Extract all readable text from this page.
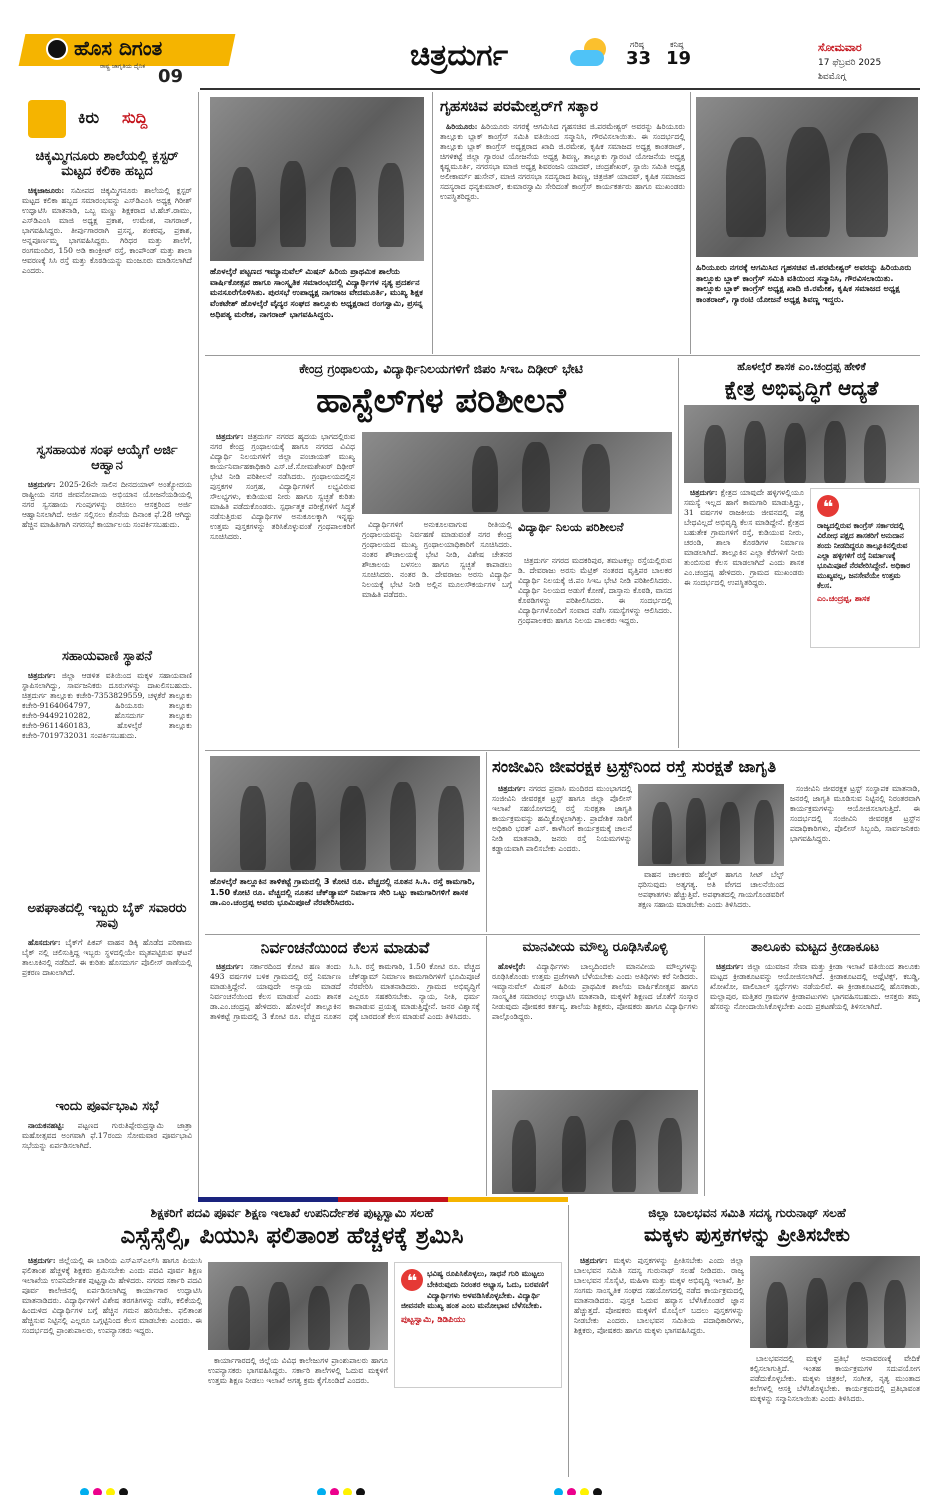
ಹೊಸ ದಿಗಂತ
ರಾಷ್ಟ್ರ ಜಾಗೃತಿಯ ದೈನಿಕ 09
ಚಿತ್ರದುರ್ಗ	ಗರಿಷ್ಠ
33
ಕನಿಷ್ಠ
19
ಸೋಮವಾರ
17 ಫೆಬ್ರವರಿ 2025
ಶಿವಮೊಗ್ಗ
ಕಿರು ಸುದ್ದಿ
ಚಿಕ್ಕಮ್ಮಿಗನೂರು ಶಾಲೆಯಲ್ಲಿ ಕ್ಲಸ್ಟರ್ ಮಟ್ಟದ ಕಲಿಕಾ ಹಬ್ಬದ

ಚಿಕ್ಕಜಾಜೂರು: ಸಮೀಪದ ಚಿಕ್ಕಮ್ಮಿಗನೂರು ಶಾಲೆಯಲ್ಲಿ ಕ್ಲಸ್ಟರ್ ಮಟ್ಟದ ಕಲಿಕಾ ಹಬ್ಬದ ಸಮಾರಂಭವನ್ನು ಎಸ್‌ಡಿಎಂಸಿ ಅಧ್ಯಕ್ಷ ಗಿರೀಶ್ ಉದ್ಘಾಟಿಸಿ ಮಾತನಾಡಿ, ಒಬ್ಬ ಮಣ್ಣು ಶಿಕ್ಷಕರಾದ ಟಿ.ಹೆಚ್.ರಾಮು, ಎಸ್‌ಡಿಎಂಸಿ ಮಾಜಿ ಅಧ್ಯಕ್ಷ ಪ್ರಕಾಶ, ಉಮೇಶ, ನಾಗರಾಜ್, ಭಾಗವಹಿಸಿದ್ದರು. ತೀರ್ಪುಗಾರರಾಗಿ ಪ್ರಸನ್ನ, ಶಂಕರಪ್ಪ, ಪ್ರಕಾಶ, ಅನ್ನಪೂರ್ಣಮ್ಮ ಭಾಗವಹಿಸಿದ್ದರು. ಗಿರಿಧರ ಮತ್ತು ಶಾಲೆಗೆ, ರಂಗಮಂದಿರ, 150 ಅಡಿ ಕಾಂಕ್ರೀಟ್ ರಸ್ತೆ, ಕಾಂಪೌಂಡ್ ಮತ್ತು ಶಾಲಾ ಆವರಣಕ್ಕೆ ಸಿಸಿ ರಸ್ತೆ ಮತ್ತು ಕೊಠಡಿಯನ್ನು ಮಂಜೂರು ಮಾಡಿಸಲಾಗಿದೆ ಎಂದರು.

ಸ್ವಸಹಾಯಕ ಸಂಘ ಆಯ್ಕೆಗೆ ಅರ್ಜಿ ಆಹ್ವಾನ

ಚಿತ್ರದುರ್ಗ: 2025-26ನೇ ಸಾಲಿನ ದೀನದಯಾಳ್ ಅಂತ್ಯೋದಯ ರಾಷ್ಟ್ರೀಯ ನಗರ ಜೀವನೋಪಾಯ ಅಭಿಯಾನ ಯೋಜನೆಯಡಿಯಲ್ಲಿ ನಗರ ಸ್ವಸಹಾಯ ಗುಂಪುಗಳನ್ನು ರಚಿಸಲು ಆಸಕ್ತರಿಂದ ಅರ್ಜಿ ಆಹ್ವಾನಿಸಲಾಗಿದೆ. ಅರ್ಜಿ ಸಲ್ಲಿಸಲು ಕೊನೆಯ ದಿನಾಂಕ ಫೆ.28 ಆಗಿದ್ದು ಹೆಚ್ಚಿನ ಮಾಹಿತಿಗಾಗಿ ನಗರಸಭೆ ಕಾರ್ಯಾಲಯ ಸಂಪರ್ಕಿಸಬಹುದು.

ಸಹಾಯವಾಣಿ ಸ್ಥಾಪನೆ

ಚಿತ್ರದುರ್ಗ: ಜಿಲ್ಲಾ ಆಡಳಿತ ವತಿಯಿಂದ ಮಕ್ಕಳ ಸಹಾಯವಾಣಿ ಸ್ಥಾಪಿಸಲಾಗಿದ್ದು, ಸಾರ್ವಜನಿಕರು ದೂರುಗಳನ್ನು ದಾಖಲಿಸಬಹುದು. ಚಿತ್ರದುರ್ಗ ತಾಲ್ಲೂಕು ಕಚೇರಿ-7353829559, ಚಳ್ಳಕೆರೆ ತಾಲ್ಲೂಕು ಕಚೇರಿ-9164064797, ಹಿರಿಯೂರು ತಾಲ್ಲೂಕು ಕಚೇರಿ-9449210282, ಹೊಸದುರ್ಗ ತಾಲ್ಲೂಕು ಕಚೇರಿ-9611460183, ಹೊಳಲ್ಕೆರೆ ತಾಲ್ಲೂಕು ಕಚೇರಿ-7019732031 ಸಂಪರ್ಕಿಸಬಹುದು.

ಅಪಘಾತದಲ್ಲಿ ಇಬ್ಬರು ಬೈಕ್ ಸವಾರರು ಸಾವು

ಹೊಸದುರ್ಗ: ಬೈಕ್‌ಗೆ ಪಿಕಪ್ ವಾಹನ ಡಿಕ್ಕಿ ಹೊಡೆದ ಪರಿಣಾಮ ಬೈಕ್ ನಲ್ಲಿ ಚಲಿಸುತ್ತಿದ್ದ ಇಬ್ಬರು ಸ್ಥಳದಲ್ಲಿಯೇ ಮೃತಪಟ್ಟಿರುವ ಘಟನೆ ತಾಲೂಕಿನಲ್ಲಿ ನಡೆದಿದೆ. ಈ ಕುರಿತು ಹೊಸದುರ್ಗ ಪೊಲೀಸ್ ಠಾಣೆಯಲ್ಲಿ ಪ್ರಕರಣ ದಾಖಲಾಗಿದೆ.

ಇಂದು ಪೂರ್ವಭಾವಿ ಸಭೆ

ನಾಯಕನಹಟ್ಟಿ: ಪಟ್ಟಣದ ಗುರುತಿಪ್ಪೇರುದ್ರಸ್ವಾಮಿ ಜಾತ್ರಾ ಮಹೋತ್ಸವದ ಅಂಗವಾಗಿ ಫೆ.17ರಂದು ಸೋಮವಾರ ಪೂರ್ವಭಾವಿ ಸಭೆಯನ್ನು ಏರ್ಪಡಿಸಲಾಗಿದೆ.

ಹೊಳಲ್ಕೆರೆ ಪಟ್ಟಣದ ಇಮ್ಯಾನುವೆಲ್ ಮಿಷನ್ ಹಿರಿಯ ಪ್ರಾಥಮಿಕ ಶಾಲೆಯ ವಾರ್ಷಿಕೋತ್ಸವ ಹಾಗೂ ಸಾಂಸ್ಕೃತಿಕ ಸಮಾರಂಭದಲ್ಲಿ ವಿದ್ಯಾರ್ಥಿಗಳ ನೃತ್ಯ ಪ್ರದರ್ಶನ ಮನಸೂರೆಗೊಳಿಸಿತು. ಪುರಸಭೆ ಉಪಾಧ್ಯಕ್ಷ ನಾಗರಾಜ ವೇದಮೂರ್ತಿ, ಮುಖ್ಯ ಶಿಕ್ಷಕ ವೆಂಕಟೇಶ್ ಹೊಳಲ್ಕೆರೆ ವೈದ್ಯರ ಸಂಘದ ತಾಲ್ಲೂಕು ಅಧ್ಯಕ್ಷರಾದ ರಂಗಸ್ವಾಮಿ, ಪ್ರಸನ್ನ ಅಧಿಪತ್ಯ ಮರೇಶ, ನಾಗರಾಜ್ ಭಾಗವಹಿಸಿದ್ದರು.
ಗೃಹಸಚಿವ ಪರಮೇಶ್ವರ್‌ಗೆ ಸತ್ಕಾರ

ಹಿರಿಯೂರು: ಹಿರಿಯೂರು ನಗರಕ್ಕೆ ಆಗಮಿಸಿದ ಗೃಹಸಚಿವ ಜಿ.ಪರಮೇಶ್ವರ್ ಅವರನ್ನು ಹಿರಿಯೂರು ತಾಲ್ಲೂಕು ಬ್ಲಾಕ್ ಕಾಂಗ್ರೆಸ್ ಸಮಿತಿ ವತಿಯಿಂದ ಸನ್ಮಾನಿಸಿ, ಗೌರವಿಸಲಾಯಿತು. ಈ ಸಂದರ್ಭದಲ್ಲಿ ತಾಲ್ಲೂಕು ಬ್ಲಾಕ್ ಕಾಂಗ್ರೆಸ್ ಅಧ್ಯಕ್ಷರಾದ ಖಾದಿ ಜಿ.ರಮೇಶ, ಕೃಷಿಕ ಸಮಾಜದ ಅಧ್ಯಕ್ಷ ಕಾಂತರಾಜ್, ಚಿಗಳಿಕಟ್ಟೆ ಜಿಲ್ಲಾ ಗ್ಯಾರಂಟಿ ಯೋಜನೆಯ ಅಧ್ಯಕ್ಷ ಶಿವಣ್ಣ, ತಾಲ್ಲೂಕು ಗ್ಯಾರಂಟಿ ಯೋಜನೆಯ ಅಧ್ಯಕ್ಷ ಕೃಷ್ಣಮೂರ್ತಿ, ನಗರಸಭಾ ಮಾಜಿ ಅಧ್ಯಕ್ಷ ಶಿವರಂಜನಿ ಯಾದವ್, ಚಂದ್ರಶೇಖರ್, ಸ್ಥಾಯಿ ಸಮಿತಿ ಅಧ್ಯಕ್ಷ ಅಲೀಕಾರ್ಮ್ ಹುಸೇನ್, ಮಾಜಿ ನಗರಸಭಾ ಸದಸ್ಯರಾದ ಶಿವಣ್ಣ, ಚಿತ್ರಜಿತ್ ಯಾದವ್, ಕೃಷಿಕ ಸಮಾಜದ ಸದಸ್ಯರಾದ ಧನ್ಯಕುಮಾರ್, ಕುಮಾರಸ್ವಾಮಿ ಸೇರಿದಂತೆ ಕಾಂಗ್ರೆಸ್ ಕಾರ್ಯಕರ್ತರು ಹಾಗೂ ಮುಖಂಡರು ಉಪಸ್ಥಿತರಿದ್ದರು.

ಹಿರಿಯೂರು ನಗರಕ್ಕೆ ಆಗಮಿಸಿದ ಗೃಹಸಚಿವ ಜಿ.ಪರಮೇಶ್ವರ್ ಅವರನ್ನು ಹಿರಿಯೂರು ತಾಲ್ಲೂಕು ಬ್ಲಾಕ್ ಕಾಂಗ್ರೆಸ್ ಸಮಿತಿ ವತಿಯಿಂದ ಸನ್ಮಾನಿಸಿ, ಗೌರವಿಸಲಾಯಿತು. ತಾಲ್ಲೂಕು ಬ್ಲಾಕ್ ಕಾಂಗ್ರೆಸ್ ಅಧ್ಯಕ್ಷ ಖಾದಿ ಜಿ.ರಮೇಶ, ಕೃಷಿಕ ಸಮಾಜದ ಅಧ್ಯಕ್ಷ ಕಾಂತರಾಜ್, ಗ್ಯಾರಂಟಿ ಯೋಜನೆ ಅಧ್ಯಕ್ಷ ಶಿವಣ್ಣ ಇದ್ದರು.
ಕೇಂದ್ರ ಗ್ರಂಥಾಲಯ, ವಿದ್ಯಾರ್ಥಿನಿಲಯಗಳಿಗೆ ಜಿಪಂ ಸಿಇಒ ದಿಢೀರ್ ಭೇಟಿ
ಹಾಸ್ಟೆಲ್‌ಗಳ ಪರಿಶೀಲನೆ

ಚಿತ್ರದುರ್ಗ: ಚಿತ್ರದುರ್ಗ ನಗರದ ಹೃದಯ ಭಾಗದಲ್ಲಿರುವ ನಗರ ಕೇಂದ್ರ ಗ್ರಂಥಾಲಯಕ್ಕೆ ಹಾಗೂ ನಗರದ ವಿವಿಧ ವಿದ್ಯಾರ್ಥಿ ನಿಲಯಗಳಿಗೆ ಜಿಲ್ಲಾ ಪಂಚಾಯತ್ ಮುಖ್ಯ ಕಾರ್ಯನಿರ್ವಾಹಕಾಧಿಕಾರಿ ಎಸ್.ಜೆ.ಸೋಮಶೇಖರ್ ದಿಢೀರ್ ಭೇಟಿ ನೀಡಿ ಪರಿಶೀಲನೆ ನಡೆಸಿದರು. ಗ್ರಂಥಾಲಯದಲ್ಲಿನ ಪುಸ್ತಕಗಳ ಸಂಗ್ರಹ, ವಿದ್ಯಾರ್ಥಿಗಳಿಗೆ ಲಭ್ಯವಿರುವ ಸೌಲಭ್ಯಗಳು, ಕುಡಿಯುವ ನೀರು ಹಾಗೂ ಸ್ವಚ್ಛತೆ ಕುರಿತು ಮಾಹಿತಿ ಪಡೆದುಕೊಂಡರು. ಸ್ಪರ್ಧಾತ್ಮಕ ಪರೀಕ್ಷೆಗಳಿಗೆ ಸಿದ್ಧತೆ ನಡೆಸುತ್ತಿರುವ ವಿದ್ಯಾರ್ಥಿಗಳ ಅನುಕೂಲಕ್ಕಾಗಿ ಇನ್ನಷ್ಟು ಉತ್ತಮ ಪುಸ್ತಕಗಳನ್ನು ತರಿಸಿಕೊಳ್ಳುವಂತೆ ಗ್ರಂಥಪಾಲಕರಿಗೆ ಸೂಚಿಸಿದರು.

ವಿದ್ಯಾರ್ಥಿಗಳಿಗೆ ಅನುಕೂಲವಾಗುವ ರೀತಿಯಲ್ಲಿ ಗ್ರಂಥಾಲಯವನ್ನು ನಿರ್ವಹಣೆ ಮಾಡುವಂತೆ ನಗರ ಕೇಂದ್ರ ಗ್ರಂಥಾಲಯದ ಮುಖ್ಯ ಗ್ರಂಥಾಲಯಾಧಿಕಾರಿಗೆ ಸೂಚಿಸಿದರು. ನಂತರ ಶೌಚಾಲಯಕ್ಕೆ ಭೇಟಿ ನೀಡಿ, ವಿಶೇಷ ಚೇತನರ ಶೌಚಾಲಯ ಬಳಸಲು ಹಾಗೂ ಸ್ವಚ್ಛತೆ ಕಾಪಾಡಲು ಸೂಚಿಸಿದರು. ನಂತರ ಡಿ. ದೇವರಾಜು ಅರಸು ವಿದ್ಯಾರ್ಥಿ ನಿಲಯಕ್ಕೆ ಭೇಟಿ ನೀಡಿ ಅಲ್ಲಿನ ಮೂಲಸೌಕರ್ಯಗಳ ಬಗ್ಗೆ ಮಾಹಿತಿ ಪಡೆದರು.

ವಿದ್ಯಾರ್ಥಿ ನಿಲಯ ಪರಿಶೀಲನೆ

ಚಿತ್ರದುರ್ಗ ನಗರದ ಮದಕರಿಪುರ, ತಮಟಕಲ್ಲು ರಸ್ತೆಯಲ್ಲಿರುವ ಡಿ. ದೇವರಾಜು ಅರಸು ಮೆಟ್ರಿಕ್ ನಂತರದ ವೃತ್ತಿಪರ ಬಾಲಕರ ವಿದ್ಯಾರ್ಥಿ ನಿಲಯಕ್ಕೆ ಜಿ.ಪಂ ಸಿಇಒ ಭೇಟಿ ನೀಡಿ ಪರಿಶೀಲಿಸಿದರು. ವಿದ್ಯಾರ್ಥಿ ನಿಲಯದ ಅಡುಗೆ ಕೋಣೆ, ದಾಸ್ತಾನು ಕೊಠಡಿ, ವಾಸದ ಕೊಠಡಿಗಳನ್ನು ಪರಿಶೀಲಿಸಿದರು. ಈ ಸಂದರ್ಭದಲ್ಲಿ ವಿದ್ಯಾರ್ಥಿಗಳೊಂದಿಗೆ ಸಂವಾದ ನಡೆಸಿ ಸಮಸ್ಯೆಗಳನ್ನು ಆಲಿಸಿದರು. ಗ್ರಂಥಪಾಲಕರು ಹಾಗೂ ನಿಲಯ ಪಾಲಕರು ಇದ್ದರು.

ಹೊಳಲ್ಕೆರೆ ಶಾಸಕ ಎಂ.ಚಂದ್ರಪ್ಪ ಹೇಳಿಕೆ
ಕ್ಷೇತ್ರ ಅಭಿವೃದ್ಧಿಗೆ ಆದ್ಯತೆ

ಚಿತ್ರದುರ್ಗ: ಕ್ಷೇತ್ರದ ಯಾವುದೇ ಹಳ್ಳಿಗಳಲ್ಲಿಯೂ ಸಮಸ್ಯೆ ಇಲ್ಲದ ಹಾಗೆ ಕಾಮಗಾರಿ ಮಾಡುತ್ತಿದ್ದು, 31 ವರ್ಷಗಳ ರಾಜಕೀಯ ಜೀವನದಲ್ಲಿ ಪಕ್ಷ ಬೇಧವಿಲ್ಲದೆ ಅಭಿವೃದ್ಧಿ ಕೆಲಸ ಮಾಡಿದ್ದೇನೆ. ಕ್ಷೇತ್ರದ ಬಹುತೇಕ ಗ್ರಾಮಗಳಿಗೆ ರಸ್ತೆ, ಕುಡಿಯುವ ನೀರು, ಚರಂಡಿ, ಶಾಲಾ ಕೊಠಡಿಗಳ ನಿರ್ಮಾಣ ಮಾಡಲಾಗಿದೆ. ತಾಲ್ಲೂಕಿನ ಎಲ್ಲಾ ಕೆರೆಗಳಿಗೆ ನೀರು ತುಂಬಿಸುವ ಕೆಲಸ ಮಾಡಲಾಗಿದೆ ಎಂದು ಶಾಸಕ ಎಂ.ಚಂದ್ರಪ್ಪ ಹೇಳಿದರು. ಗ್ರಾಮದ ಮುಖಂಡರು ಈ ಸಂದರ್ಭದಲ್ಲಿ ಉಪಸ್ಥಿತರಿದ್ದರು.

❝
ರಾಜ್ಯದಲ್ಲಿರುವ ಕಾಂಗ್ರೆಸ್ ಸರ್ಕಾರದಲ್ಲಿ ವಿರೋಧ ಪಕ್ಷದ ಶಾಸಕರಿಗೆ ಅನುದಾನ ತಂದು ನೀಡದಿದ್ದರೂ ತಾಲ್ಲೂಕಿನಲ್ಲಿರುವ ಎಲ್ಲಾ ಹಳ್ಳಿಗಳಿಗೆ ರಸ್ತೆ ನಿರ್ಮಾಣಕ್ಕೆ ಭೂಮಿಪೂಜೆ ನೆರವೇರಿಸಿದ್ದೇನೆ. ಅಧಿಕಾರ ಮುಖ್ಯವಲ್ಲ, ಜನಸೇವೆಯೇ ಉತ್ತಮ ಕೆಲಸ.
ಎಂ.ಚಂದ್ರಪ್ಪ, ಶಾಸಕ
ಹೊಳಲ್ಕೆರೆ ತಾಲ್ಲೂಕಿನ ತಾಳಿಕಟ್ಟೆ ಗ್ರಾಮದಲ್ಲಿ 3 ಕೋಟಿ ರೂ. ವೆಚ್ಚದಲ್ಲಿ ನೂತನ ಸಿ.ಸಿ. ರಸ್ತೆ ಕಾಮಗಾರಿ, 1.50 ಕೋಟಿ ರೂ. ವೆಚ್ಚದಲ್ಲಿ ನೂತನ ಚೆಕ್‌ಡ್ಯಾಮ್ ನಿರ್ಮಾಣ ಸೇರಿ ಒಟ್ಟು ಕಾಮಗಾರಿಗಳಿಗೆ ಶಾಸಕ ಡಾ.ಎಂ.ಚಂದ್ರಪ್ಪ ಅವರು ಭೂಮಿಪೂಜೆ ನೆರವೇರಿಸಿದರು.
ಸಂಜೀವಿನಿ ಜೀವರಕ್ಷಕ ಟ್ರಸ್ಟ್‌ನಿಂದ ರಸ್ತೆ ಸುರಕ್ಷತೆ ಜಾಗೃತಿ

ಚಿತ್ರದುರ್ಗ: ನಗರದ ಪ್ರವಾಸಿ ಮಂದಿರದ ಮುಂಭಾಗದಲ್ಲಿ ಸಂಜೀವಿನಿ ಜೀವರಕ್ಷಕ ಟ್ರಸ್ಟ್ ಹಾಗೂ ಜಿಲ್ಲಾ ಪೊಲೀಸ್ ಇಲಾಖೆ ಸಹಯೋಗದಲ್ಲಿ ರಸ್ತೆ ಸುರಕ್ಷತಾ ಜಾಗೃತಿ ಕಾರ್ಯಕ್ರಮವನ್ನು ಹಮ್ಮಿಕೊಳ್ಳಲಾಗಿತ್ತು. ಪ್ರಾದೇಶಿಕ ಸಾರಿಗೆ ಅಧಿಕಾರಿ ಭರತ್ ಎಸ್. ಕಾಳೆಸಿಂಗೆ ಕಾರ್ಯಕ್ರಮಕ್ಕೆ ಚಾಲನೆ ನೀಡಿ ಮಾತನಾಡಿ, ಜನರು ರಸ್ತೆ ನಿಯಮಗಳನ್ನು ಕಡ್ಡಾಯವಾಗಿ ಪಾಲಿಸಬೇಕು ಎಂದರು.

ವಾಹನ ಚಾಲಕರು ಹೆಲ್ಮೆಟ್ ಹಾಗೂ ಸೀಟ್ ಬೆಲ್ಟ್ ಧರಿಸುವುದು ಅತ್ಯಗತ್ಯ. ಅತಿ ವೇಗದ ಚಾಲನೆಯಿಂದ ಅಪಘಾತಗಳು ಹೆಚ್ಚುತ್ತಿವೆ. ಅಪಘಾತದಲ್ಲಿ ಗಾಯಗೊಂಡವರಿಗೆ ತಕ್ಷಣ ಸಹಾಯ ಮಾಡಬೇಕು ಎಂದು ತಿಳಿಸಿದರು.

ಸಂಜೀವಿನಿ ಜೀವರಕ್ಷಕ ಟ್ರಸ್ಟ್ ಸಂಸ್ಥಾಪಕ ಮಾತನಾಡಿ, ಜನರಲ್ಲಿ ಜಾಗೃತಿ ಮೂಡಿಸುವ ನಿಟ್ಟಿನಲ್ಲಿ ನಿರಂತರವಾಗಿ ಕಾರ್ಯಕ್ರಮಗಳನ್ನು ಆಯೋಜಿಸಲಾಗುತ್ತಿದೆ. ಈ ಸಂದರ್ಭದಲ್ಲಿ ಸಂಜೀವಿನಿ ಜೀವರಕ್ಷಕ ಟ್ರಸ್ಟ್‌ನ ಪದಾಧಿಕಾರಿಗಳು, ಪೊಲೀಸ್ ಸಿಬ್ಬಂದಿ, ಸಾರ್ವಜನಿಕರು ಭಾಗವಹಿಸಿದ್ದರು.

ನಿರ್ವಂಚನೆಯಿಂದ ಕೆಲಸ ಮಾಡುವೆ

ಚಿತ್ರದುರ್ಗ: ಸರ್ಕಾರದಿಂದ ಕೋಟಿ ಹಣ ತಂದು 493 ವರ್ಷಗಳ ಬಳಿಕ ಗ್ರಾಮದಲ್ಲಿ ರಸ್ತೆ ನಿರ್ಮಾಣ ಮಾಡುತ್ತಿದ್ದೇನೆ. ಯಾವುದೇ ಅನ್ಯಾಯ ಮಾಡದೆ ನಿರ್ವಂಚನೆಯಿಂದ ಕೆಲಸ ಮಾಡುವೆ ಎಂದು ಶಾಸಕ ಡಾ.ಎಂ.ಚಂದ್ರಪ್ಪ ಹೇಳಿದರು. ಹೊಳಲ್ಕೆರೆ ತಾಲ್ಲೂಕಿನ ತಾಳಿಕಟ್ಟೆ ಗ್ರಾಮದಲ್ಲಿ 3 ಕೋಟಿ ರೂ. ವೆಚ್ಚದ ನೂತನ ಸಿ.ಸಿ. ರಸ್ತೆ ಕಾಮಗಾರಿ, 1.50 ಕೋಟಿ ರೂ. ವೆಚ್ಚದ ಚೆಕ್‌ಡ್ಯಾಮ್ ನಿರ್ಮಾಣ ಕಾಮಗಾರಿಗಳಿಗೆ ಭೂಮಿಪೂಜೆ ನೆರವೇರಿಸಿ ಮಾತನಾಡಿದರು. ಗ್ರಾಮದ ಅಭಿವೃದ್ಧಿಗೆ ಎಲ್ಲರೂ ಸಹಕರಿಸಬೇಕು. ನ್ಯಾಯ, ನೀತಿ, ಧರ್ಮ ಕಾಪಾಡುವ ಪ್ರಯತ್ನ ಮಾಡುತ್ತಿದ್ದೇನೆ. ಜನರ ವಿಶ್ವಾಸಕ್ಕೆ ಧಕ್ಕೆ ಬಾರದಂತೆ ಕೆಲಸ ಮಾಡುವೆ ಎಂದು ತಿಳಿಸಿದರು.

ಮಾನವೀಯ ಮೌಲ್ಯ ರೂಢಿಸಿಕೊಳ್ಳಿ

ಹೊಳಲ್ಕೆರೆ: ವಿದ್ಯಾರ್ಥಿಗಳು ಬಾಲ್ಯದಿಂದಲೇ ಮಾನವೀಯ ಮೌಲ್ಯಗಳನ್ನು ರೂಢಿಸಿಕೊಂಡು ಉತ್ತಮ ಪ್ರಜೆಗಳಾಗಿ ಬೆಳೆಯಬೇಕು ಎಂದು ಅತಿಥಿಗಳು ಕರೆ ನೀಡಿದರು. ಇಮ್ಯಾನುವೆಲ್ ಮಿಷನ್ ಹಿರಿಯ ಪ್ರಾಥಮಿಕ ಶಾಲೆಯ ವಾರ್ಷಿಕೋತ್ಸವ ಹಾಗೂ ಸಾಂಸ್ಕೃತಿಕ ಸಮಾರಂಭ ಉದ್ಘಾಟಿಸಿ ಮಾತನಾಡಿ, ಮಕ್ಕಳಿಗೆ ಶಿಕ್ಷಣದ ಜೊತೆಗೆ ಸಂಸ್ಕಾರ ನೀಡುವುದು ಪೋಷಕರ ಕರ್ತವ್ಯ. ಶಾಲೆಯ ಶಿಕ್ಷಕರು, ಪೋಷಕರು ಹಾಗೂ ವಿದ್ಯಾರ್ಥಿಗಳು ಪಾಲ್ಗೊಂಡಿದ್ದರು.

ತಾಲೂಕು ಮಟ್ಟದ ಕ್ರೀಡಾಕೂಟ

ಚಿತ್ರದುರ್ಗ: ಜಿಲ್ಲಾ ಯುವಜನ ಸೇವಾ ಮತ್ತು ಕ್ರೀಡಾ ಇಲಾಖೆ ವತಿಯಿಂದ ತಾಲೂಕು ಮಟ್ಟದ ಕ್ರೀಡಾಕೂಟವನ್ನು ಆಯೋಜಿಸಲಾಗಿದೆ. ಕ್ರೀಡಾಕೂಟದಲ್ಲಿ ಅಥ್ಲೆಟಿಕ್ಸ್, ಕಬಡ್ಡಿ, ಖೋಖೋ, ವಾಲಿಬಾಲ್ ಸ್ಪರ್ಧೆಗಳು ನಡೆಯಲಿವೆ. ಈ ಕ್ರೀಡಾಕೂಟದಲ್ಲಿ ಹೊಸಕಾಡು, ಮಲ್ಲಾಪುರ, ಮತ್ತಿತರ ಗ್ರಾಮಗಳ ಕ್ರೀಡಾಪಟುಗಳು ಭಾಗವಹಿಸಬಹುದು. ಆಸಕ್ತರು ತಮ್ಮ ಹೆಸರನ್ನು ನೋಂದಾಯಿಸಿಕೊಳ್ಳಬೇಕು ಎಂದು ಪ್ರಕಟಣೆಯಲ್ಲಿ ತಿಳಿಸಲಾಗಿದೆ.

ಶಿಕ್ಷಕರಿಗೆ ಪದವಿ ಪೂರ್ವ ಶಿಕ್ಷಣ ಇಲಾಖೆ ಉಪನಿರ್ದೇಶಕ ಪುಟ್ಟಸ್ವಾಮಿ ಸಲಹೆ
ಎಸ್ಸೆಸ್ಸೆಲ್ಸಿ, ಪಿಯುಸಿ ಫಲಿತಾಂಶ ಹೆಚ್ಚಳಕ್ಕೆ ಶ್ರಮಿಸಿ

ಚಿತ್ರದುರ್ಗ: ಜಿಲ್ಲೆಯಲ್ಲಿ ಈ ಬಾರಿಯ ಎಸ್ಎಸ್ಎಲ್‌ಸಿ ಹಾಗೂ ಪಿಯುಸಿ ಫಲಿತಾಂಶ ಹೆಚ್ಚಳಕ್ಕೆ ಶಿಕ್ಷಕರು ಶ್ರಮಿಸಬೇಕು ಎಂದು ಪದವಿ ಪೂರ್ವ ಶಿಕ್ಷಣ ಇಲಾಖೆಯ ಉಪನಿರ್ದೇಶಕ ಪುಟ್ಟಸ್ವಾಮಿ ಹೇಳಿದರು. ನಗರದ ಸರ್ಕಾರಿ ಪದವಿ ಪೂರ್ವ ಕಾಲೇಜಿನಲ್ಲಿ ಏರ್ಪಡಿಸಲಾಗಿದ್ದ ಕಾರ್ಯಾಗಾರ ಉದ್ಘಾಟಿಸಿ ಮಾತನಾಡಿದರು. ವಿದ್ಯಾರ್ಥಿಗಳಿಗೆ ವಿಶೇಷ ತರಗತಿಗಳನ್ನು ನಡೆಸಿ, ಕಲಿಕೆಯಲ್ಲಿ ಹಿಂದುಳಿದ ವಿದ್ಯಾರ್ಥಿಗಳ ಬಗ್ಗೆ ಹೆಚ್ಚಿನ ಗಮನ ಹರಿಸಬೇಕು. ಫಲಿತಾಂಶ ಹೆಚ್ಚಿಸುವ ನಿಟ್ಟಿನಲ್ಲಿ ಎಲ್ಲರೂ ಒಗ್ಗಟ್ಟಿನಿಂದ ಕೆಲಸ ಮಾಡಬೇಕು ಎಂದರು. ಈ ಸಂದರ್ಭದಲ್ಲಿ ಪ್ರಾಂಶುಪಾಲರು, ಉಪನ್ಯಾಸಕರು ಇದ್ದರು.

❝	ಭವಿಷ್ಯ ರೂಪಿಸಿಕೊಳ್ಳಲು, ಸಾಧನೆ ಗುರಿ ಮುಟ್ಟಲು ಬೇಕಿರುವುದು ನಿರಂತರ ಅಭ್ಯಾಸ, ಓದು, ಬರವಣಿಗೆ ವಿದ್ಯಾರ್ಥಿಗಳು ಅಳವಡಿಸಿಕೊಳ್ಳಬೇಕು. ವಿದ್ಯಾರ್ಥಿ ಜೀವನವೇ ಮುಖ್ಯ ಹಂತ ಎಂಬ ಮನೋಭಾವ ಬೆಳೆಸಬೇಕು.
ಪುಟ್ಟಸ್ವಾಮಿ, ಡಿಡಿಪಿಯು

ಕಾರ್ಯಾಗಾರದಲ್ಲಿ ಜಿಲ್ಲೆಯ ವಿವಿಧ ಕಾಲೇಜುಗಳ ಪ್ರಾಂಶುಪಾಲರು ಹಾಗೂ ಉಪನ್ಯಾಸಕರು ಭಾಗವಹಿಸಿದ್ದರು. ಸರ್ಕಾರಿ ಶಾಲೆಗಳಲ್ಲಿ ಓದುವ ಮಕ್ಕಳಿಗೆ ಉತ್ತಮ ಶಿಕ್ಷಣ ನೀಡಲು ಇಲಾಖೆ ಅಗತ್ಯ ಕ್ರಮ ಕೈಗೊಂಡಿದೆ ಎಂದರು.

ಜಿಲ್ಲಾ ಬಾಲಭವನ ಸಮಿತಿ ಸದಸ್ಯ ಗುರುನಾಥ್ ಸಲಹೆ
ಮಕ್ಕಳು ಪುಸ್ತಕಗಳನ್ನು ಪ್ರೀತಿಸಬೇಕು

ಚಿತ್ರದುರ್ಗ: ಮಕ್ಕಳು ಪುಸ್ತಕಗಳನ್ನು ಪ್ರೀತಿಸಬೇಕು ಎಂದು ಜಿಲ್ಲಾ ಬಾಲಭವನ ಸಮಿತಿ ಸದಸ್ಯ ಗುರುನಾಥ್ ಸಲಹೆ ನೀಡಿದರು. ರಾಜ್ಯ ಬಾಲಭವನ ಸೊಸೈಟಿ, ಮಹಿಳಾ ಮತ್ತು ಮಕ್ಕಳ ಅಭಿವೃದ್ಧಿ ಇಲಾಖೆ, ಶ್ರೀ ಸಂಗಮ ಸಾಂಸ್ಕೃತಿಕ ಸಂಘದ ಸಹಯೋಗದಲ್ಲಿ ನಡೆದ ಕಾರ್ಯಕ್ರಮದಲ್ಲಿ ಮಾತನಾಡಿದರು. ಪುಸ್ತಕ ಓದುವ ಹವ್ಯಾಸ ಬೆಳೆಸಿಕೊಂಡರೆ ಜ್ಞಾನ ಹೆಚ್ಚುತ್ತದೆ. ಪೋಷಕರು ಮಕ್ಕಳಿಗೆ ಮೊಬೈಲ್ ಬದಲು ಪುಸ್ತಕಗಳನ್ನು ನೀಡಬೇಕು ಎಂದರು. ಬಾಲಭವನ ಸಮಿತಿಯ ಪದಾಧಿಕಾರಿಗಳು, ಶಿಕ್ಷಕರು, ಪೋಷಕರು ಹಾಗೂ ಮಕ್ಕಳು ಭಾಗವಹಿಸಿದ್ದರು.

ಬಾಲಭವನದಲ್ಲಿ ಮಕ್ಕಳ ಪ್ರತಿಭೆ ಅನಾವರಣಕ್ಕೆ ವೇದಿಕೆ ಕಲ್ಪಿಸಲಾಗುತ್ತಿದೆ. ಇಂತಹ ಕಾರ್ಯಕ್ರಮಗಳ ಸದುಪಯೋಗ ಪಡೆದುಕೊಳ್ಳಬೇಕು. ಮಕ್ಕಳು ಚಿತ್ರಕಲೆ, ಸಂಗೀತ, ನೃತ್ಯ ಮುಂತಾದ ಕಲೆಗಳಲ್ಲಿ ಆಸಕ್ತಿ ಬೆಳೆಸಿಕೊಳ್ಳಬೇಕು. ಕಾರ್ಯಕ್ರಮದಲ್ಲಿ ಪ್ರತಿಭಾವಂತ ಮಕ್ಕಳನ್ನು ಸನ್ಮಾನಿಸಲಾಯಿತು ಎಂದು ತಿಳಿಸಿದರು.
